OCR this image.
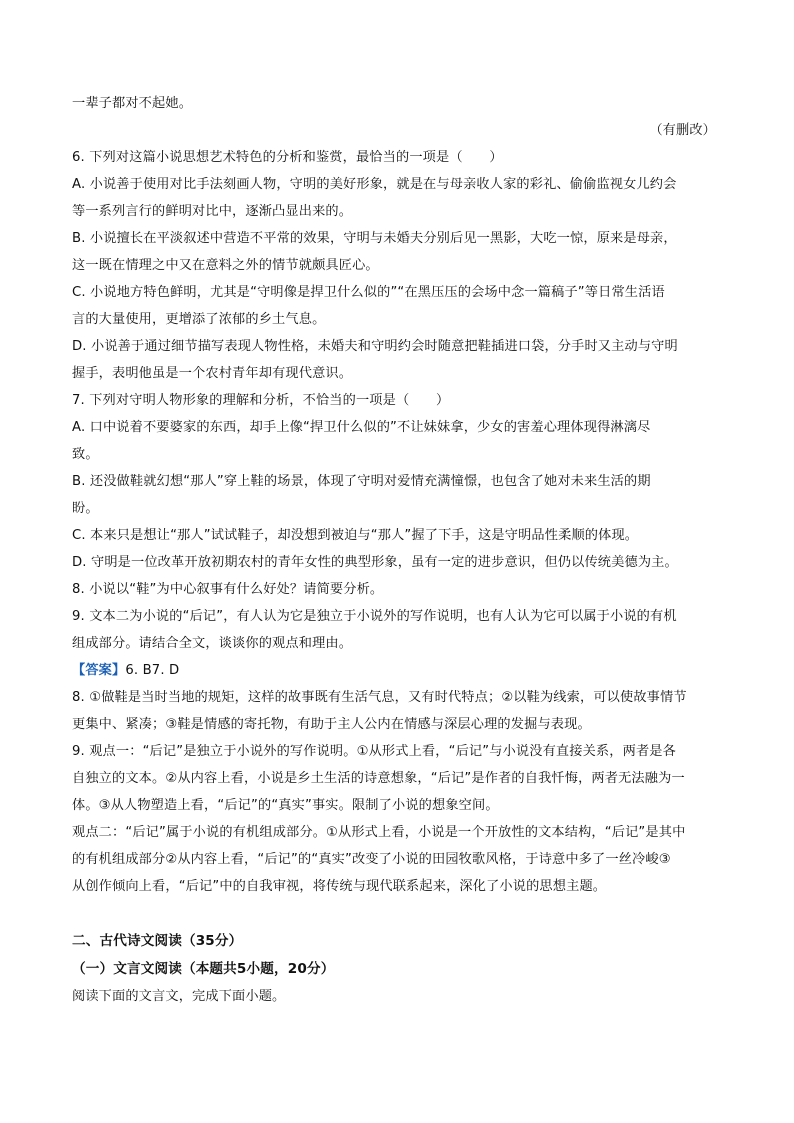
一辈子都对不起她。
（有删改）
6. 下列对这篇小说思想艺术特色的分析和鉴赏，最恰当的一项是（　　）
A. 小说善于使用对比手法刻画人物，守明的美好形象，就是在与母亲收人家的彩礼、偷偷监视女儿约会
等一系列言行的鲜明对比中，逐渐凸显出来的。
B. 小说擅长在平淡叙述中营造不平常的效果，守明与未婚夫分别后见一黑影，大吃一惊，原来是母亲，
这一既在情理之中又在意料之外的情节就颇具匠心。
C. 小说地方特色鲜明，尤其是“守明像是捍卫什么似的”“在黑压压的会场中念一篇稿子”等日常生活语
言的大量使用，更增添了浓郁的乡土气息。
D. 小说善于通过细节描写表现人物性格，未婚夫和守明约会时随意把鞋插进口袋，分手时又主动与守明
握手，表明他虽是一个农村青年却有现代意识。
7. 下列对守明人物形象的理解和分析，不恰当的一项是（　　）
A. 口中说着不要婆家的东西，却手上像“捍卫什么似的”不让妹妹拿，少女的害羞心理体现得淋漓尽
致。
B. 还没做鞋就幻想“那人”穿上鞋的场景，体现了守明对爱情充满憧憬，也包含了她对未来生活的期
盼。
C. 本来只是想让“那人”试试鞋子，却没想到被迫与“那人”握了下手，这是守明品性柔顺的体现。
D. 守明是一位改革开放初期农村的青年女性的典型形象，虽有一定的进步意识，但仍以传统美德为主。
8. 小说以“鞋”为中心叙事有什么好处？请简要分析。
9. 文本二为小说的“后记”，有人认为它是独立于小说外的写作说明，也有人认为它可以属于小说的有机
组成部分。请结合全文，谈谈你的观点和理由。
【答案】6. B7. D
8. ①做鞋是当时当地的规矩，这样的故事既有生活气息，又有时代特点；②以鞋为线索，可以使故事情节
更集中、紧凑；③鞋是情感的寄托物，有助于主人公内在情感与深层心理的发掘与表现。
9. 观点一：“后记”是独立于小说外的写作说明。①从形式上看，“后记”与小说没有直接关系，两者是各
自独立的文本。②从内容上看，小说是乡土生活的诗意想象，“后记”是作者的自我忏悔，两者无法融为一
体。③从人物塑造上看，“后记”的“真实”事实。限制了小说的想象空间。
观点二：“后记”属于小说的有机组成部分。①从形式上看，小说是一个开放性的文本结构，“后记”是其中
的有机组成部分②从内容上看，“后记”的“真实”改变了小说的田园牧歌风格，于诗意中多了一丝冷峻③
从创作倾向上看，“后记”中的自我审视，将传统与现代联系起来，深化了小说的思想主题。
二、古代诗文阅读（35分）
（一）文言文阅读（本题共5小题，20分）
阅读下面的文言文，完成下面小题。
